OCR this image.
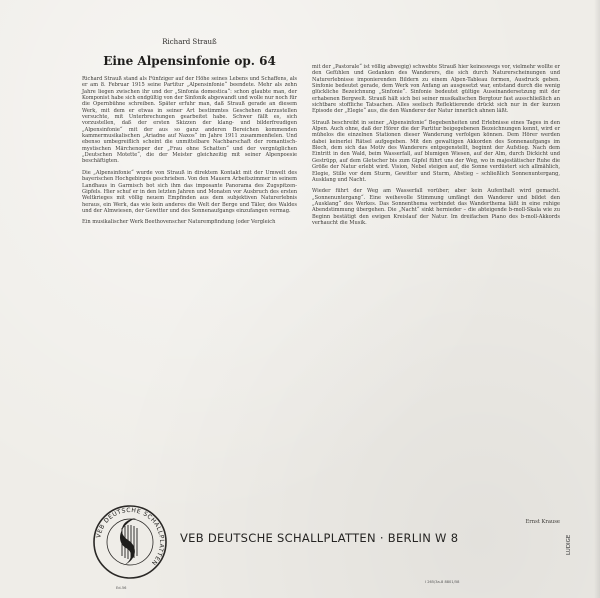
Richard Strauß
Eine Alpensinfonie op. 64

Richard Strauß stand als Fünfziger auf der Höhe seines Lebens und Schaffens, als er am 8. Februar 1915 seine Partitur „Alpensinfonie“ beendete. Mehr als zehn Jahre liegen zwischen ihr und der „Sinfonia domestica“: schon glaubte man, der Komponist habe sich endgültig von der Sinfonik abgewandt und wolle nur noch für die Opernbühne schreiben. Später erfuhr man, daß Strauß gerade an diesem Werk, mit dem er etwas in seiner Art bestimmtes Geschehen darzustellen versuchte, mit Unterbrechungen gearbeitet habe. Schwer fällt es, sich vorzustellen, daß der ersten Skizzen der klang- und bilderfreudigen „Alpensinfonie“ mit der aus so ganz anderen Bereichen kommenden kammermusikalischen „Ariadne auf Naxos“ im Jahre 1911 zusammenfielen. Und ebenso umbegreiflich scheint die unmittelbare Nachbarschaft der romantisch-mystischen Märchenoper der „Frau ohne Schatten“ und der vergnüglichen „Deutschen Motette“, die der Meister gleichzeitig mit seiner Alpenpoesie beschäftigten.

Die „Alpensinfonie“ wurde von Strauß in direktem Kontakt mit der Umwelt des bayerischen Hochgebirges geschrieben. Von den Mauern Arbeitszimmer in seinem Landhaus in Garmisch bot sich ihm das imposante Panorama des Zugspitzen-Gipfels. Hier schuf er in den letzten Jahren und Monaten vor Ausbruch des ersten Weltkrieges mit völlig neuem Empfinden aus dem subjektiven Naturerlebnis heraus, ein Werk, das wie kein anderes die Welt der Berge und Täler, des Waldes und der Almwiesen, der Gewitter und des Sonnenaufgangs einzufangen vermag.

Ein musikalischer Werk Beethovenscher Naturempfindung (oder Vergleich

mit der „Pastorale“ ist völlig abwegig) schwebte Strauß hier keineswegs vor, vielmehr wollte er den Gefühlen und Gedanken des Wanderers, die sich durch Naturerscheinungen und Naturerlebnisse imponierenden Bildern zu einem Alpen-Tableau formen, Ausdruck geben. Sinfonie bedeutet gerade, dem Werk von Anfang an ausgesetzt war, entstand durch die wenig glückliche Bezeichnung „Sinfonie“. Sinfonie bedeutet gültige Auseinandersetzung mit der erhabenen Bergwelt. Strauß hält sich bei seiner musikalischen Bergtour fast ausschließlich an sichtbare stoffliche Tatsachen. Alles seelisch Reflektierende drückt sich nur in der kurzen Episode der „Elegie“ aus, die den Wanderer der Natur innerlich ahnen läßt.

Strauß beschreibt in seiner „Alpensinfonie“ Begebenheiten und Erlebnisse eines Tages in den Alpen. Auch ohne, daß der Hörer die der Partitur beigegebenen Bezeichnungen kennt, wird er mühelos die einzelnen Stationen dieser Wanderung verfolgen können. Dem Hörer werden dabei keinerlei Rätsel aufgegeben. Mit den gewaltigen Akkorden des Sonnenaufgangs im Blech, dem sich das Motiv des Wanderers entgegenstellt, beginnt der Aufstieg. Nach dem Eintritt in den Wald, beim Wasserfall, auf blumigen Wiesen, auf der Alm, durch Dickicht und Gestrüpp, auf dem Gletscher bis zum Gipfel führt uns der Weg, wo in majestätischer Ruhe die Größe der Natur erlebt wird. Vision, Nebel steigen auf, die Sonne verdüstert sich allmählich, Elegie, Stille vor dem Sturm, Gewitter und Sturm, Abstieg – schließlich Sonnenuntergang, Ausklang und Nacht.

Wieder führt der Weg am Wasserfall vorüber; aber kein Aufenthalt wird gemacht. „Sonnenuntergang“. Eine weihevolle Stimmung umfängt den Wanderer und bildet den „Ausklang“ des Werkes. Das Sonnenthema verbindet das Wanderthema läßt in eine ruhige Abendstimmung übergehen. Die „Nacht“ sinkt hernieder – die abteigende b-moll-Skala wie zu Beginn bestätigt den ewigen Kreislauf der Natur. Im dreifachen Piano des b-moll-Akkords verhaucht die Musik.

Ernst Krause
VEB DEUTSCHE SCHALLPLATTEN
VEB DEUTSCHE SCHALLPLATTEN · BERLIN W 8	LUDIGE
I 265/3a-8 8801/58
Ed-56
